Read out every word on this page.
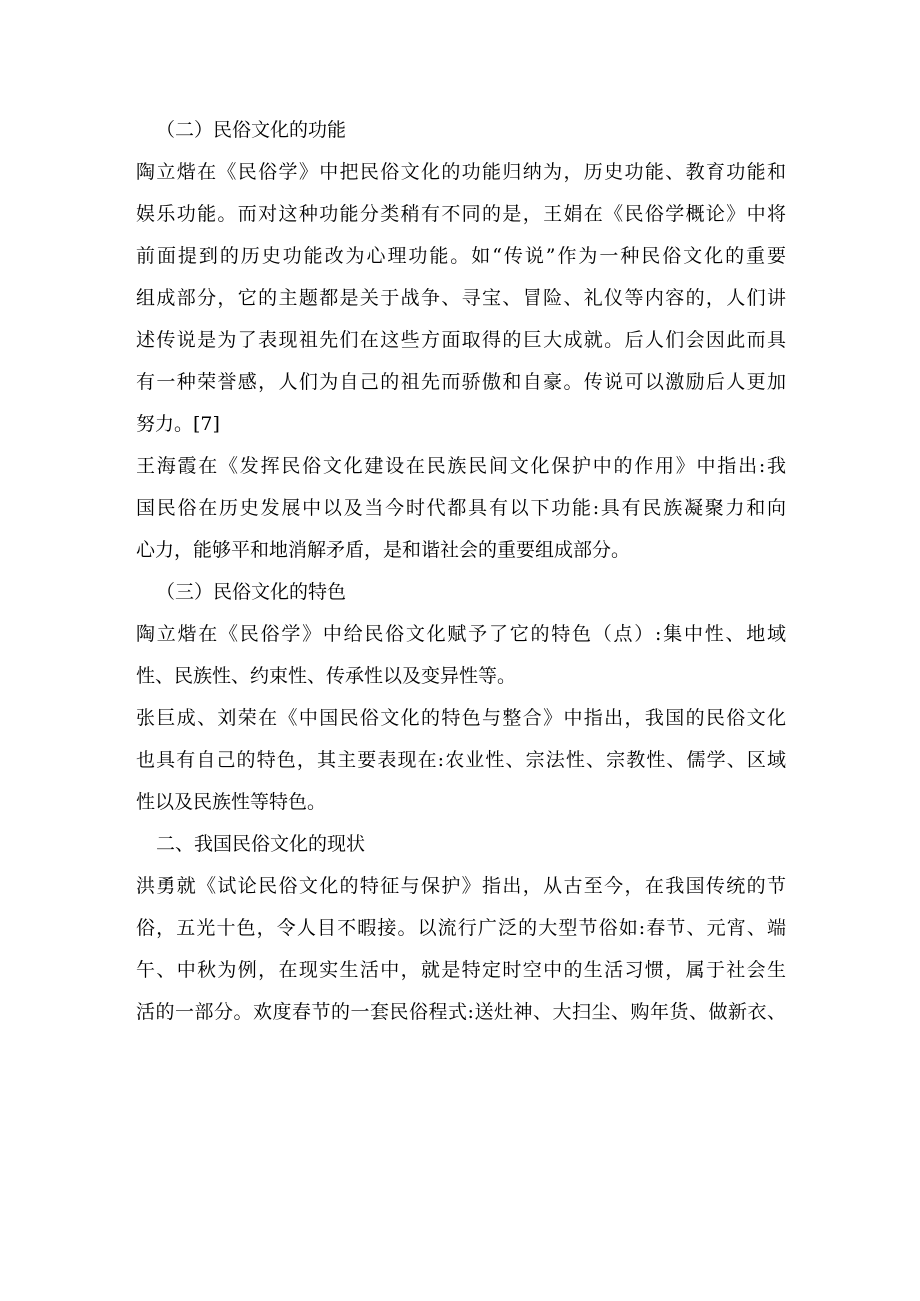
（二）民俗文化的功能
陶立煯在《民俗学》中把民俗文化的功能归纳为，历史功能、教育功能和
娱乐功能。而对这种功能分类稍有不同的是，王娟在《民俗学概论》中将
前面提到的历史功能改为心理功能。如“传说”作为一种民俗文化的重要
组成部分，它的主题都是关于战争、寻宝、冒险、礼仪等内容的，人们讲
述传说是为了表现祖先们在这些方面取得的巨大成就。后人们会因此而具
有一种荣誉感，人们为自己的祖先而骄傲和自豪。传说可以激励后人更加
努力。[7]
王海霞在《发挥民俗文化建设在民族民间文化保护中的作用》中指出:我
国民俗在历史发展中以及当今时代都具有以下功能:具有民族凝聚力和向
心力，能够平和地消解矛盾，是和谐社会的重要组成部分。
（三）民俗文化的特色
陶立煯在《民俗学》中给民俗文化赋予了它的特色（点）:集中性、地域
性、民族性、约束性、传承性以及变异性等。
张巨成、刘荣在《中国民俗文化的特色与整合》中指出，我国的民俗文化
也具有自己的特色，其主要表现在:农业性、宗法性、宗教性、儒学、区域
性以及民族性等特色。
二、我国民俗文化的现状
洪勇就《试论民俗文化的特征与保护》指出，从古至今，在我国传统的节
俗，五光十色，令人目不暇接。以流行广泛的大型节俗如:春节、元宵、端
午、中秋为例，在现实生活中，就是特定时空中的生活习惯，属于社会生
活的一部分。欢度春节的一套民俗程式:送灶神、大扫尘、购年货、做新衣、
